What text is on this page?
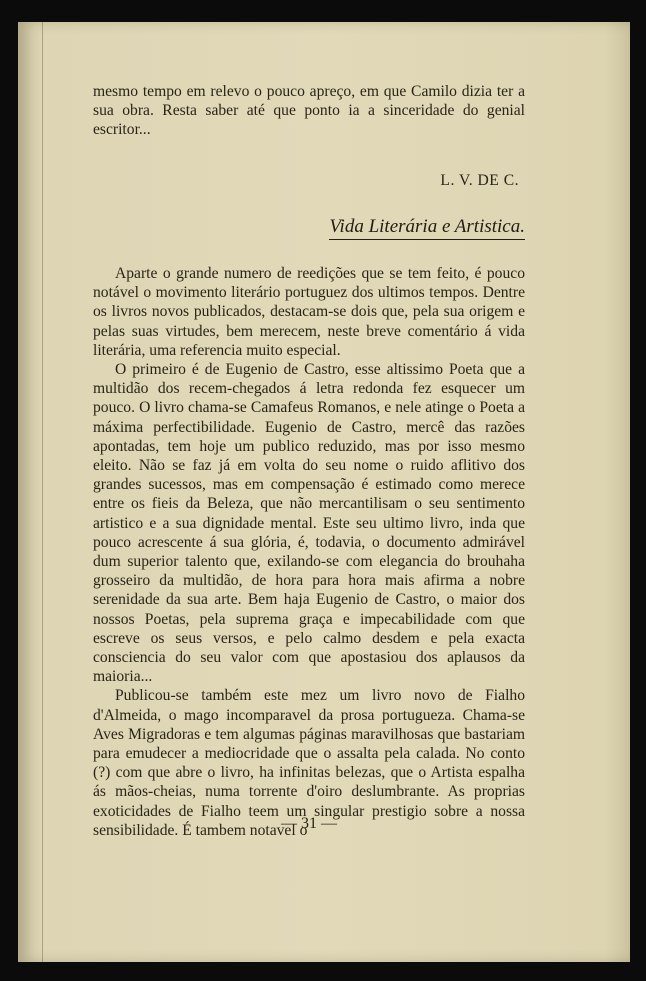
mesmo tempo em relevo o pouco apreço, em que Camilo dizia ter a sua obra. Resta saber até que ponto ia a sinceridade do genial escritor...

L. V. DE C.
Vida Literária e Artistica.

Aparte o grande numero de reedições que se tem feito, é pouco notável o movimento literário portuguez dos ultimos tempos. Dentre os livros novos publicados, destacam-se dois que, pela sua origem e pelas suas virtudes, bem merecem, neste breve comentário á vida literária, uma referencia muito especial.

O primeiro é de Eugenio de Castro, esse altissimo Poeta que a multidão dos recem-chegados á letra redonda fez esquecer um pouco. O livro chama-se Camafeus Romanos, e nele atinge o Poeta a máxima perfectibilidade. Eugenio de Castro, mercê das razões apontadas, tem hoje um publico reduzido, mas por isso mesmo eleito. Não se faz já em volta do seu nome o ruido aflitivo dos grandes sucessos, mas em compensação é estimado como merece entre os fieis da Beleza, que não mercantilisam o seu sentimento artistico e a sua dignidade mental. Este seu ultimo livro, inda que pouco acrescente á sua glória, é, todavia, o documento admirável dum superior talento que, exilando-se com elegancia do brouhaha grosseiro da multidão, de hora para hora mais afirma a nobre serenidade da sua arte. Bem haja Eugenio de Castro, o maior dos nossos Poetas, pela suprema graça e impecabilidade com que escreve os seus versos, e pelo calmo desdem e pela exacta consciencia do seu valor com que apostasiou dos aplausos da maioria...

Publicou-se também este mez um livro novo de Fialho d'Almeida, o mago incomparavel da prosa portugueza. Chama-se Aves Migradoras e tem algumas páginas maravilhosas que bastariam para emudecer a mediocridade que o assalta pela calada. No conto (?) com que abre o livro, ha infinitas belezas, que o Artista espalha ás mãos-cheias, numa torrente d'oiro deslumbrante. As proprias exoticidades de Fialho teem um singular prestigio sobre a nossa sensibilidade. É tambem notavel o

— 31 —
